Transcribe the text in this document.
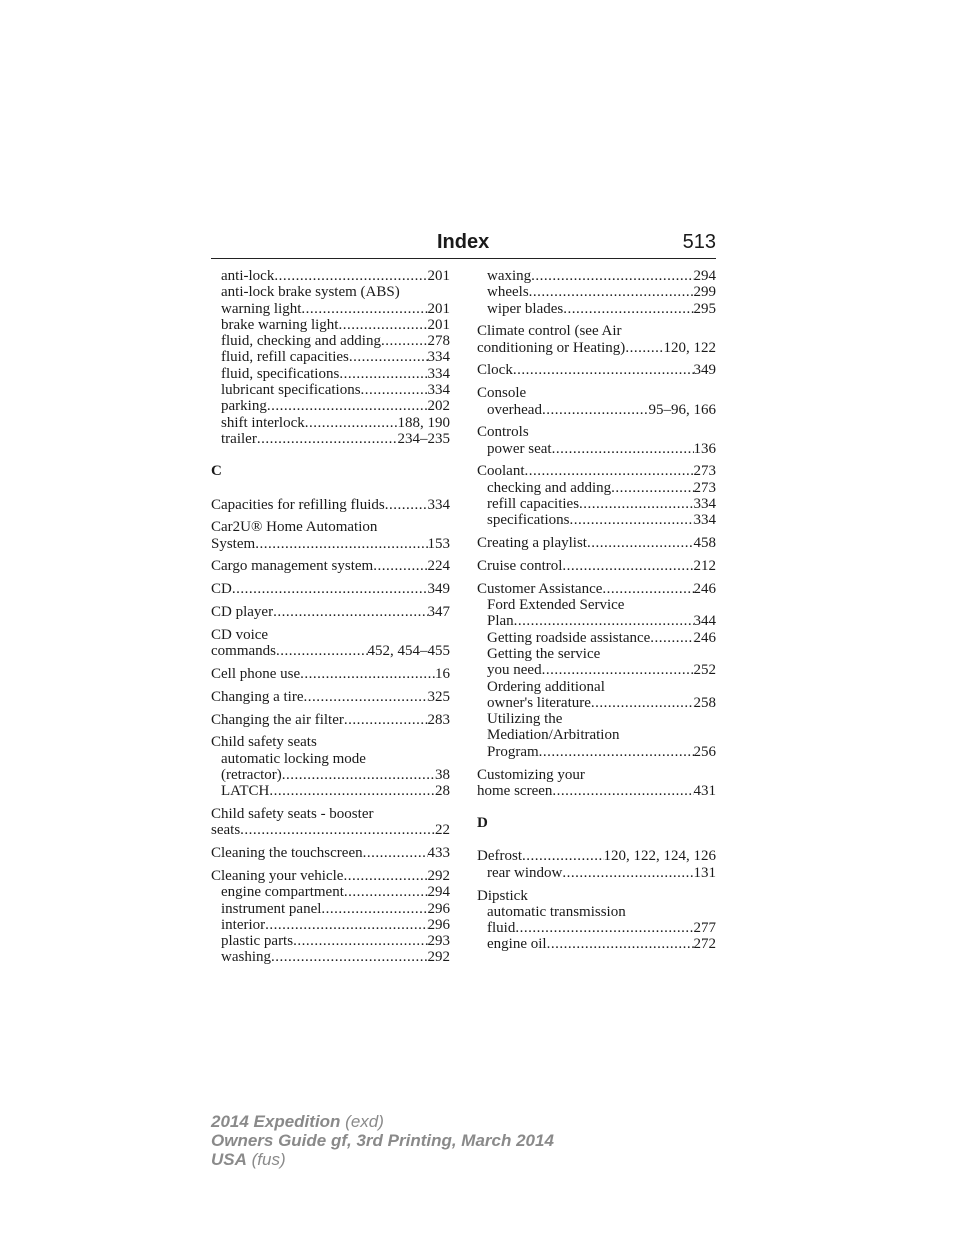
Index	513
anti-lock .....	201
anti-lock brake system (ABS)
warning light .....	201
brake warning light .....	201
fluid, checking and adding .....	278
fluid, refill capacities .....	334
fluid, specifications .....	334
lubricant specifications .....	334
parking .....	202
shift interlock .....	188, 190
trailer .....	234–235
C
Capacities for refilling fluids .....	334
Car2U® Home Automation
System .....	153
Cargo management system .....	224
CD .....	349
CD player .....	347
CD voice
commands .....	452, 454–455
Cell phone use .....	16
Changing a tire .....	325
Changing the air filter .....	283
Child safety seats
automatic locking mode
(retractor) .....	38
LATCH .....	28
Child safety seats - booster
seats .....	22
Cleaning the touchscreen .....	433
Cleaning your vehicle .....	292
engine compartment .....	294
instrument panel .....	296
interior .....	296
plastic parts .....	293
washing .....	292
waxing .....	294
wheels .....	299
wiper blades .....	295
Climate control (see Air
conditioning or Heating) .....	120, 122
Clock .....	349
Console
overhead .....	95–96, 166
Controls
power seat .....	136
Coolant .....	273
checking and adding .....	273
refill capacities .....	334
specifications .....	334
Creating a playlist .....	458
Cruise control .....	212
Customer Assistance .....	246
Ford Extended Service
Plan .....	344
Getting roadside assistance .....	246
Getting the service
you need .....	252
Ordering additional
owner's literature .....	258
Utilizing the
Mediation/Arbitration
Program .....	256
Customizing your
home screen .....	431
D
Defrost .....	120, 122, 124, 126
rear window .....	131
Dipstick
automatic transmission
fluid .....	277
engine oil .....	272
2014 Expedition (exd)
Owners Guide gf, 3rd Printing, March 2014
USA (fus)
